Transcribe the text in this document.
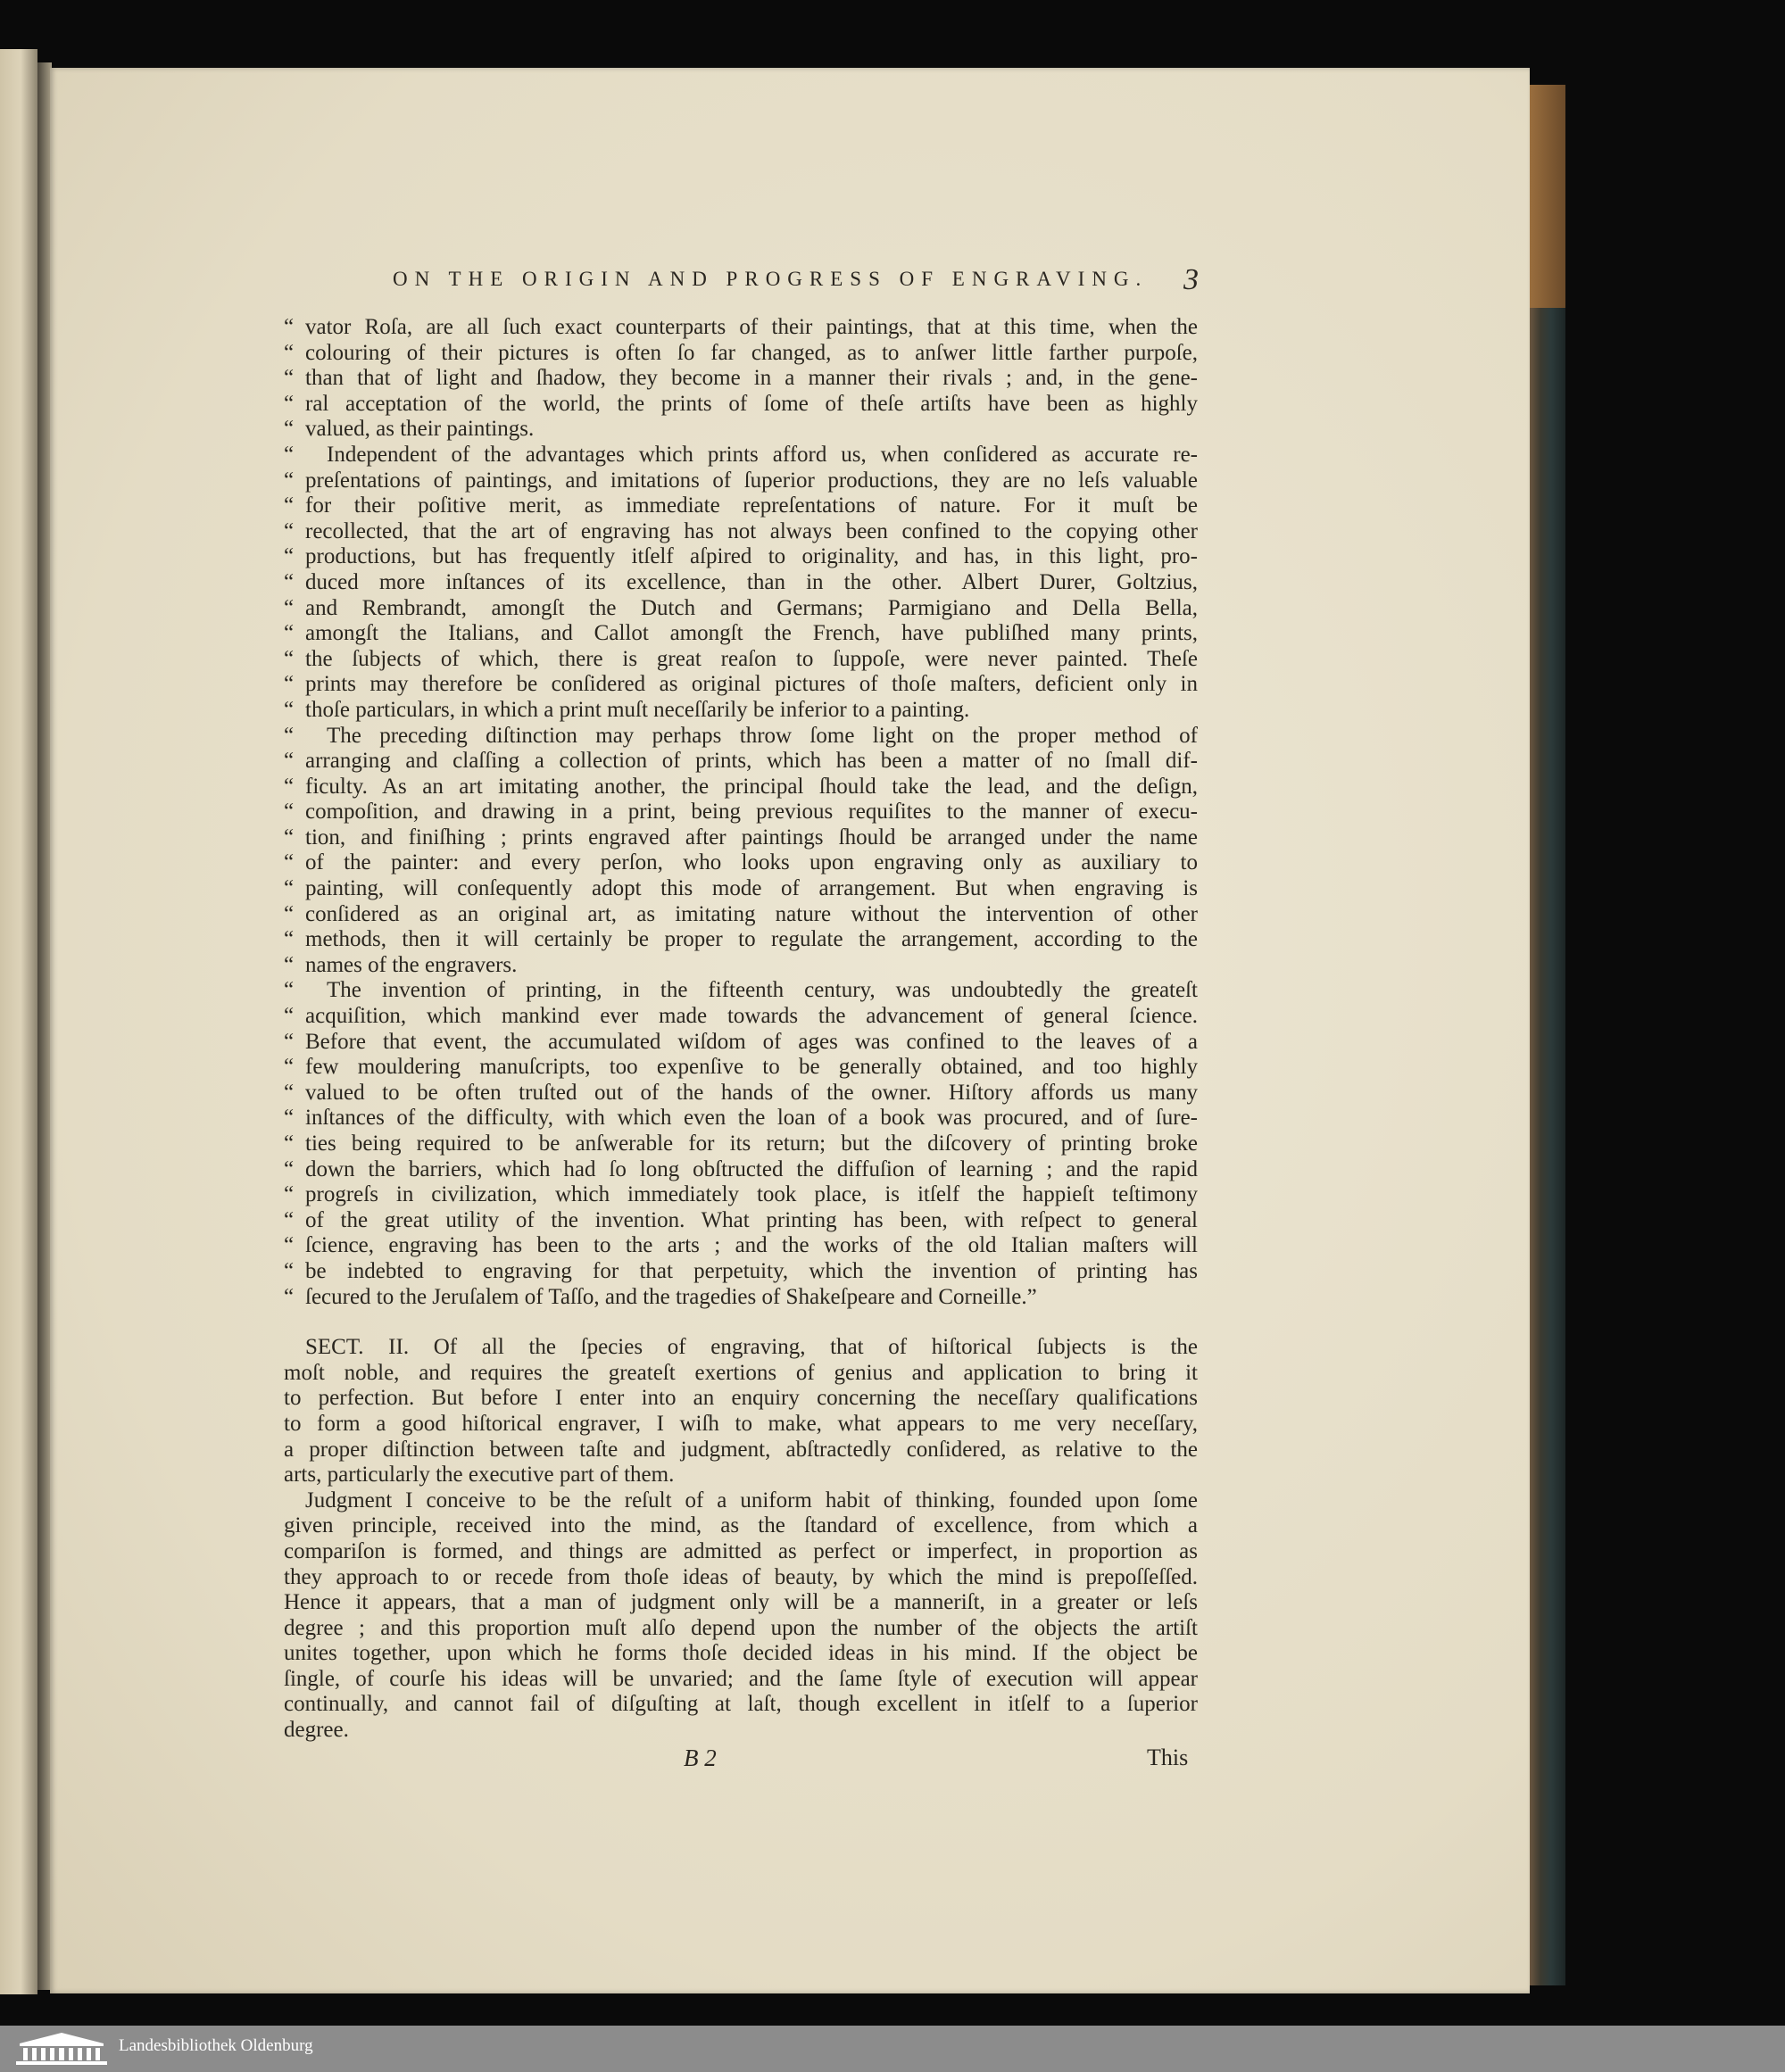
ON THE ORIGIN AND PROGRESS OF ENGRAVING.	3
“ vator Roſa, are all ſuch exact counterparts of their paintings, that at this time, when the
“ colouring of their pictures is often ſo far changed, as to anſwer little farther purpoſe,
“ than that of light and ſhadow, they become in a manner their rivals ; and, in the gene-
“ ral acceptation of the world, the prints of ſome of theſe artiſts have been as highly
“ valued, as their paintings.
“ Independent of the advantages which prints afford us, when conſidered as accurate re-
“ preſentations of paintings, and imitations of ſuperior productions, they are no leſs valuable
“ for their poſitive merit, as immediate repreſentations of nature. For it muſt be
“ recollected, that the art of engraving has not always been confined to the copying other
“ productions, but has frequently itſelf aſpired to originality, and has, in this light, pro-
“ duced more inſtances of its excellence, than in the other. Albert Durer, Goltzius,
“ and Rembrandt, amongſt the Dutch and Germans; Parmigiano and Della Bella,
“ amongſt the Italians, and Callot amongſt the French, have publiſhed many prints,
“ the ſubjects of which, there is great reaſon to ſuppoſe, were never painted. Theſe
“ prints may therefore be conſidered as original pictures of thoſe maſters, deficient only in
“ thoſe particulars, in which a print muſt neceſſarily be inferior to a painting.
“ The preceding diſtinction may perhaps throw ſome light on the proper method of
“ arranging and claſſing a collection of prints, which has been a matter of no ſmall dif-
“ ficulty. As an art imitating another, the principal ſhould take the lead, and the deſign,
“ compoſition, and drawing in a print, being previous requiſites to the manner of execu-
“ tion, and finiſhing ; prints engraved after paintings ſhould be arranged under the name
“ of the painter: and every perſon, who looks upon engraving only as auxiliary to
“ painting, will conſequently adopt this mode of arrangement. But when engraving is
“ conſidered as an original art, as imitating nature without the intervention of other
“ methods, then it will certainly be proper to regulate the arrangement, according to the
“ names of the engravers.
“ The invention of printing, in the fifteenth century, was undoubtedly the greateſt
“ acquiſition, which mankind ever made towards the advancement of general ſcience.
“ Before that event, the accumulated wiſdom of ages was confined to the leaves of a
“ few mouldering manuſcripts, too expenſive to be generally obtained, and too highly
“ valued to be often truſted out of the hands of the owner. Hiſtory affords us many
“ inſtances of the difficulty, with which even the loan of a book was procured, and of ſure-
“ ties being required to be anſwerable for its return; but the diſcovery of printing broke
“ down the barriers, which had ſo long obſtructed the diffuſion of learning ; and the rapid
“ progreſs in civilization, which immediately took place, is itſelf the happieſt teſtimony
“ of the great utility of the invention. What printing has been, with reſpect to general
“ ſcience, engraving has been to the arts ; and the works of the old Italian maſters will
“ be indebted to engraving for that perpetuity, which the invention of printing has
“ ſecured to the Jeruſalem of Taſſo, and the tragedies of Shakeſpeare and Corneille.”
SECT. II. Of all the ſpecies of engraving, that of hiſtorical ſubjects is the
moſt noble, and requires the greateſt exertions of genius and application to bring it
to perfection. But before I enter into an enquiry concerning the neceſſary qualifications
to form a good hiſtorical engraver, I wiſh to make, what appears to me very neceſſary,
a proper diſtinction between taſte and judgment, abſtractedly conſidered, as relative to the
arts, particularly the executive part of them.
Judgment I conceive to be the reſult of a uniform habit of thinking, founded upon ſome
given principle, received into the mind, as the ſtandard of excellence, from which a
compariſon is formed, and things are admitted as perfect or imperfect, in proportion as
they approach to or recede from thoſe ideas of beauty, by which the mind is prepoſſeſſed.
Hence it appears, that a man of judgment only will be a manneriſt, in a greater or leſs
degree ; and this proportion muſt alſo depend upon the number of the objects the artiſt
unites together, upon which he forms thoſe decided ideas in his mind. If the object be
ſingle, of courſe his ideas will be unvaried; and the ſame ſtyle of execution will appear
continually, and cannot fail of diſguſting at laſt, though excellent in itſelf to a ſuperior
degree.
B 2	This
Landesbibliothek Oldenburg
